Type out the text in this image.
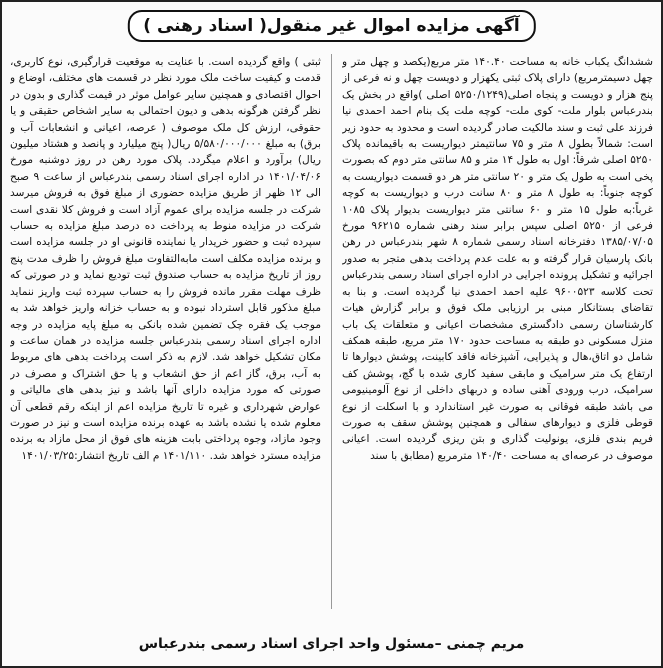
آگهی مزایده اموال غیر منقول( اسناد رهنی )

ششدانگ یکباب خانه به مساحت ۱۴۰.۴۰ متر مربع(یکصد و چهل متر و چهل دسیمترمربع) دارای پلاک ثبتی یکهزار و دویست چهل و نه فرعی از پنج هزار و دویست و پنجاه اصلی(۵۲۵۰/۱۲۴۹ اصلی )واقع در بخش یک بندرعباس بلوار ملت- کوی ملت- کوچه ملت یک بنام احمد احمدی نیا فرزند علی ثبت و سند مالکیت صادر گردیده است و محدود به حدود زیر است: شمالاً بطول ۸ متر و ۷۵ سانتیمتر دیواریست به باقیمانده پلاک ۵۲۵۰ اصلی شرقاً: اول به طول ۱۴ متر و ۸۵ سانتی متر دوم که بصورت پخی است به طول یک متر و ۲۰ سانتی متر هر دو قسمت دیواریست به کوچه جنوباً: به طول ۸ متر و ۸۰ سانت درب و دیواریست به کوچه غرباً:به طول ۱۵ متر و ۶۰ سانتی متر دیواریست بدیوار پلاک ۱۰۸۵ فرعی از ۵۲۵۰ اصلی سپس برابر سند رهنی شماره ۹۶۲۱۵ مورخ ۱۳۸۵/۰۷/۰۵ دفترخانه اسناد رسمی شماره ۸ شهر بندرعباس در رهن بانک پارسیان قرار گرفته و به علت عدم پرداخت بدهی متجر به صدور اجرائیه و تشکیل پرونده اجرایی در اداره اجرای اسناد رسمی بندرعباس تحت کلاسه ۹۶۰۰۵۲۳ علیه احمد احمدی نیا گردیده است. و بنا به تقاضای بستانکار مبنی بر ارزیابی ملک فوق و برابر گزارش هیات کارشناسان رسمی دادگستری مشخصات اعیانی و متعلقات یک باب منزل مسکونی دو طبقه به مساحت حدود ۱۷۰ متر مربع، طبقه همکف شامل دو اتاق،هال و پذیرایی، آشپزخانه فاقد کابینت، پوشش دیوارها تا ارتفاع یک متر سرامیک و مابقی سفید کاری شده با گچ، پوشش کف سرامیک، درب ورودی آهنی ساده و دربهای داخلی از نوع آلومینیومی می باشد طبقه فوقانی به صورت غیر استاندارد و با اسکلت از نوع قوطی فلزی و دیوارهای سفالی و همچنین پوشش سقف به صورت فریم بندی فلزی، یونولیت گذاری و بتن ریزی گردیده است. اعیانی موصوف در عرصه‌ای به مساحت ۱۴۰/۴۰ مترمربع (مطابق با سند

ثبتی ) واقع گردیده است. با عنایت به موقعیت قرارگیری، نوع کاربری، قدمت و کیفیت ساخت ملک مورد نظر در قسمت های مختلف، اوضاع و احوال اقتصادی و همچنین سایر عوامل موثر در قیمت گذاری و بدون در نظر گرفتن هرگونه بدهی و دیون احتمالی به سایر اشخاص حقیقی و یا حقوقی، ارزش کل ملک موصوف ( عرصه، اعیانی و انشعابات آب و برق) به مبلغ ۵/۵۸۰/۰۰۰/۰۰۰ ریال( پنج میلیارد و پانصد و هشتاد میلیون ریال) برآورد و اعلام میگردد. پلاک مورد رهن در روز دوشنبه مورخ ۱۴۰۱/۰۴/۰۶ در اداره اجرای اسناد رسمی بندرعباس از ساعت ۹ صبح الی ۱۲ ظهر از طریق مزایده حضوری از مبلغ فوق به فروش میرسد شرکت در جلسه مزایده برای عموم آزاد است و فروش کلا نقدی است شرکت در مزایده منوط به پرداخت ده درصد مبلغ مزایده به حساب سپرده ثبت و حضور خریدار یا نماینده قانونی او در جلسه مزایده است و برنده مزایده مکلف است مابه‌التفاوت مبلغ فروش را ظرف مدت پنج روز از تاریخ مزایده به حساب صندوق ثبت تودیع نماید و در صورتی که ظرف مهلت مقرر مانده فروش را به حساب سپرده ثبت واریز ننماید مبلغ مذکور قابل استرداد نبوده و به حساب خزانه واریز خواهد شد به موجب یک فقره چک تضمین شده بانکی به مبلغ پایه مزایده در وجه اداره اجرای اسناد رسمی بندرعباس جلسه مزایده در همان ساعت و مکان تشکیل خواهد شد. لازم به ذکر است پرداخت بدهی های مربوط به آب، برق، گاز اعم از حق انشعاب و یا حق اشتراک و مصرف در صورتی که مورد مزایده دارای آنها باشد و نیز بدهی های مالیاتی و عوارض شهرداری و غیره تا تاریخ مزایده اعم از اینکه رقم قطعی آن معلوم شده یا نشده باشد به عهده برنده مزایده است و نیز در صورت وجود مازاد، وجوه پرداختی بابت هزینه های فوق از محل مازاد به برنده مزایده مسترد خواهد شد. ۱۴۰۱/۱۱۰ م الف تاریخ انتشار:۱۴۰۱/۰۳/۲۵

مریم چمنی –مسئول واحد اجرای اسناد رسمی بندرعباس
